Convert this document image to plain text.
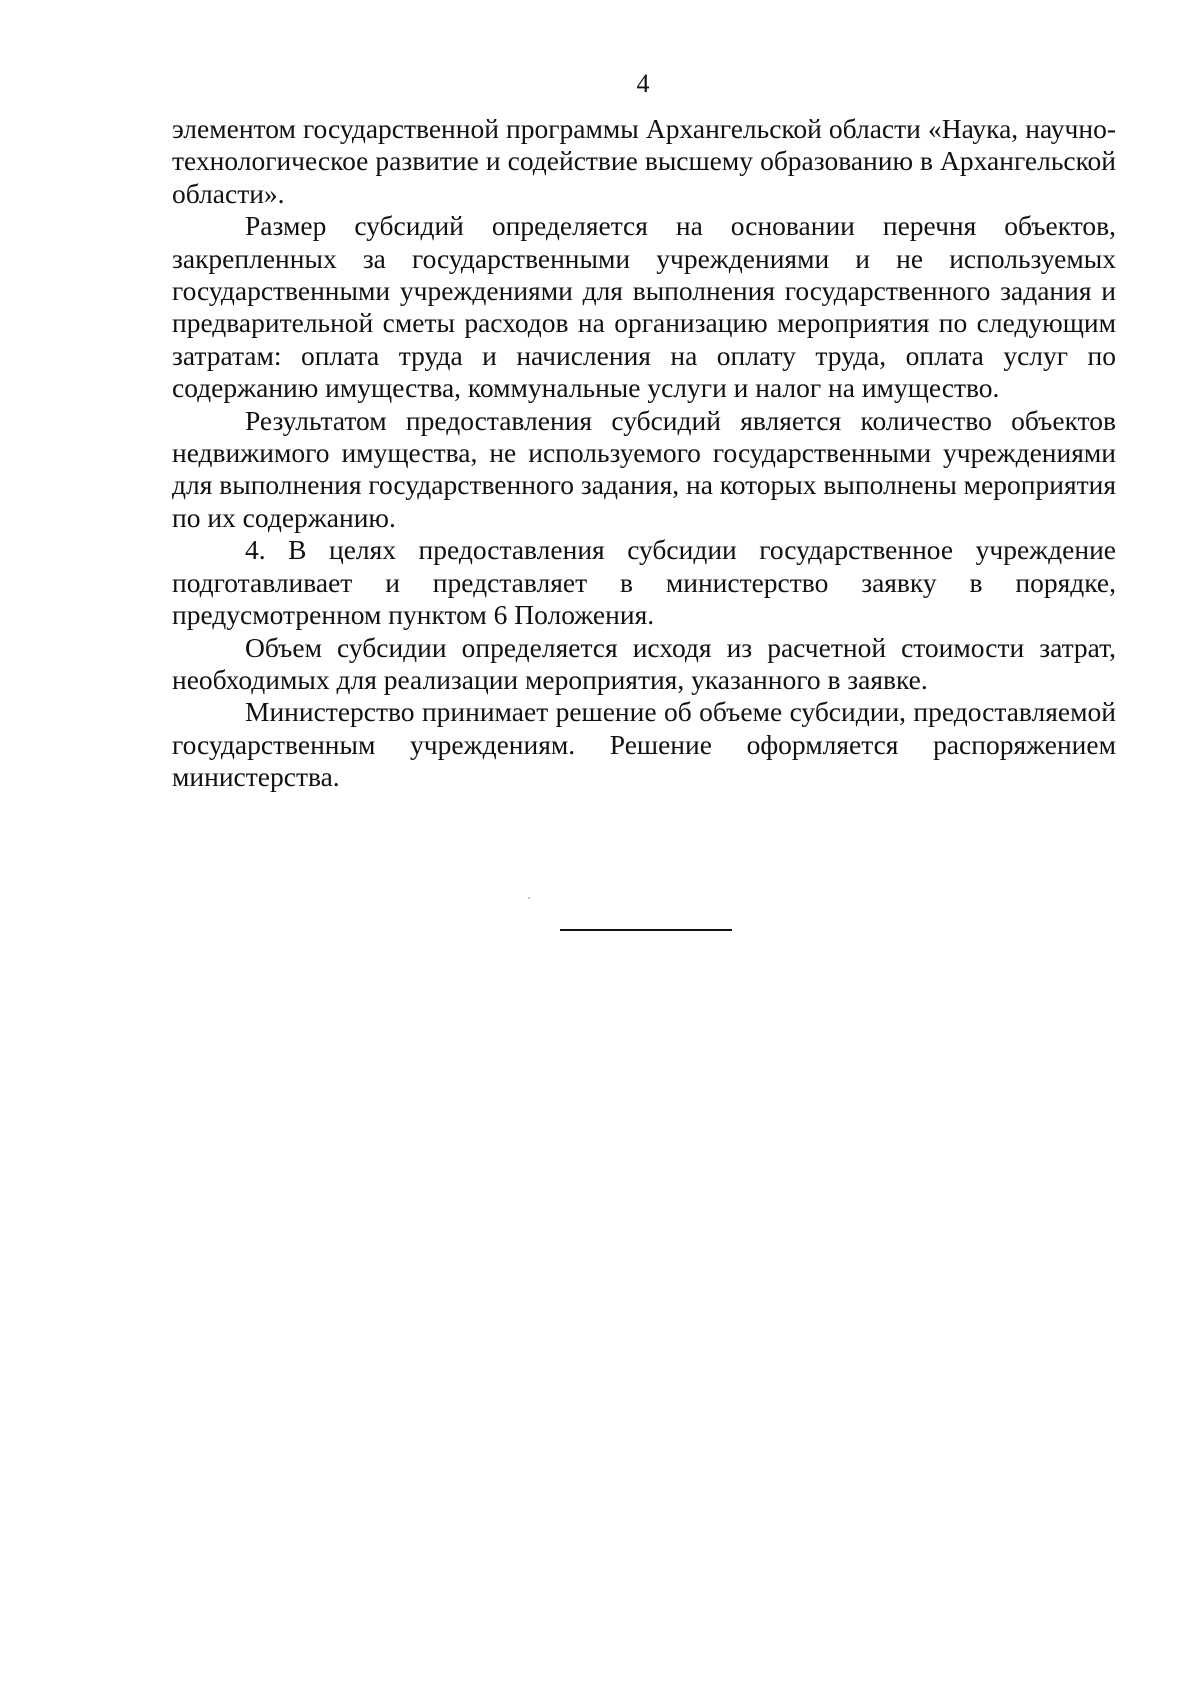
4

элементом государственной программы Архангельской области «Наука, научно-технологическое развитие и содействие высшему образованию в Архангельской области».

Размер субсидий определяется на основании перечня объектов, закрепленных за государственными учреждениями и не используемых государственными учреждениями для выполнения государственного задания и предварительной сметы расходов на организацию мероприятия по следующим затратам: оплата труда и начисления на оплату труда, оплата услуг по содержанию имущества, коммунальные услуги и налог на имущество.

Результатом предоставления субсидий является количество объектов недвижимого имущества, не используемого государственными учреждениями для выполнения государственного задания, на которых выполнены мероприятия по их содержанию.

4. В целях предоставления субсидии государственное учреждение подготавливает и представляет в министерство заявку в порядке, предусмотренном пунктом 6 Положения.

Объем субсидии определяется исходя из расчетной стоимости затрат, необходимых для реализации мероприятия, указанного в заявке.

Министерство принимает решение об объеме субсидии, предоставляемой государственным учреждениям. Решение оформляется распоряжением министерства.
